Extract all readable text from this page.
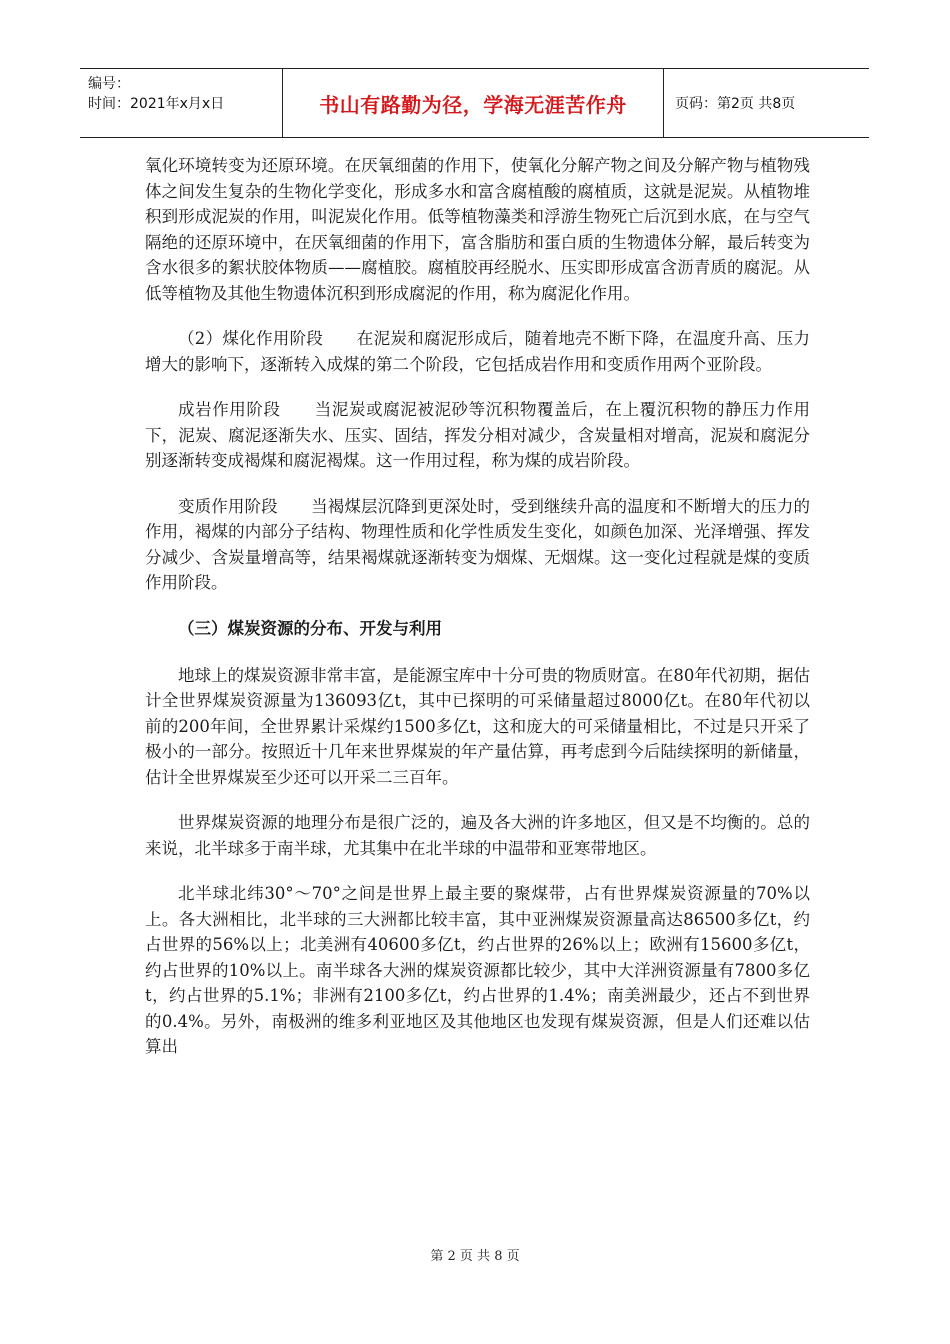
编号：
时间：2021年x月x日	书山有路勤为径，学海无涯苦作舟	页码：第2页 共8页

氧化环境转变为还原环境。在厌氧细菌的作用下，使氧化分解产物之间及分解产物与植物残体之间发生复杂的生物化学变化，形成多水和富含腐植酸的腐植质，这就是泥炭。从植物堆积到形成泥炭的作用，叫泥炭化作用。低等植物藻类和浮游生物死亡后沉到水底，在与空气隔绝的还原环境中，在厌氧细菌的作用下，富含脂肪和蛋白质的生物遗体分解，最后转变为含水很多的絮状胶体物质——腐植胶。腐植胶再经脱水、压实即形成富含沥青质的腐泥。从低等植物及其他生物遗体沉积到形成腐泥的作用，称为腐泥化作用。

（2）煤化作用阶段　　在泥炭和腐泥形成后，随着地壳不断下降，在温度升高、压力增大的影响下，逐渐转入成煤的第二个阶段，它包括成岩作用和变质作用两个亚阶段。

成岩作用阶段　　当泥炭或腐泥被泥砂等沉积物覆盖后，在上覆沉积物的静压力作用下，泥炭、腐泥逐渐失水、压实、固结，挥发分相对减少，含炭量相对增高，泥炭和腐泥分别逐渐转变成褐煤和腐泥褐煤。这一作用过程，称为煤的成岩阶段。

变质作用阶段　　当褐煤层沉降到更深处时，受到继续升高的温度和不断增大的压力的作用，褐煤的内部分子结构、物理性质和化学性质发生变化，如颜色加深、光泽增强、挥发分减少、含炭量增高等，结果褐煤就逐渐转变为烟煤、无烟煤。这一变化过程就是煤的变质作用阶段。

（三）煤炭资源的分布、开发与利用

地球上的煤炭资源非常丰富，是能源宝库中十分可贵的物质财富。在80年代初期，据估计全世界煤炭资源量为136093亿t，其中已探明的可采储量超过8000亿t。在80年代初以前的200年间，全世界累计采煤约1500多亿t，这和庞大的可采储量相比，不过是只开采了极小的一部分。按照近十几年来世界煤炭的年产量估算，再考虑到今后陆续探明的新储量，估计全世界煤炭至少还可以开采二三百年。

世界煤炭资源的地理分布是很广泛的，遍及各大洲的许多地区，但又是不均衡的。总的来说，北半球多于南半球，尤其集中在北半球的中温带和亚寒带地区。

北半球北纬30°～70°之间是世界上最主要的聚煤带，占有世界煤炭资源量的70%以上。各大洲相比，北半球的三大洲都比较丰富，其中亚洲煤炭资源量高达86500多亿t，约占世界的56%以上；北美洲有40600多亿t，约占世界的26%以上；欧洲有15600多亿t，约占世界的10%以上。南半球各大洲的煤炭资源都比较少，其中大洋洲资源量有7800多亿t，约占世界的5.1%；非洲有2100多亿t，约占世界的1.4%；南美洲最少，还占不到世界的0.4%。另外，南极洲的维多利亚地区及其他地区也发现有煤炭资源，但是人们还难以估算出

第 2 页 共 8 页
